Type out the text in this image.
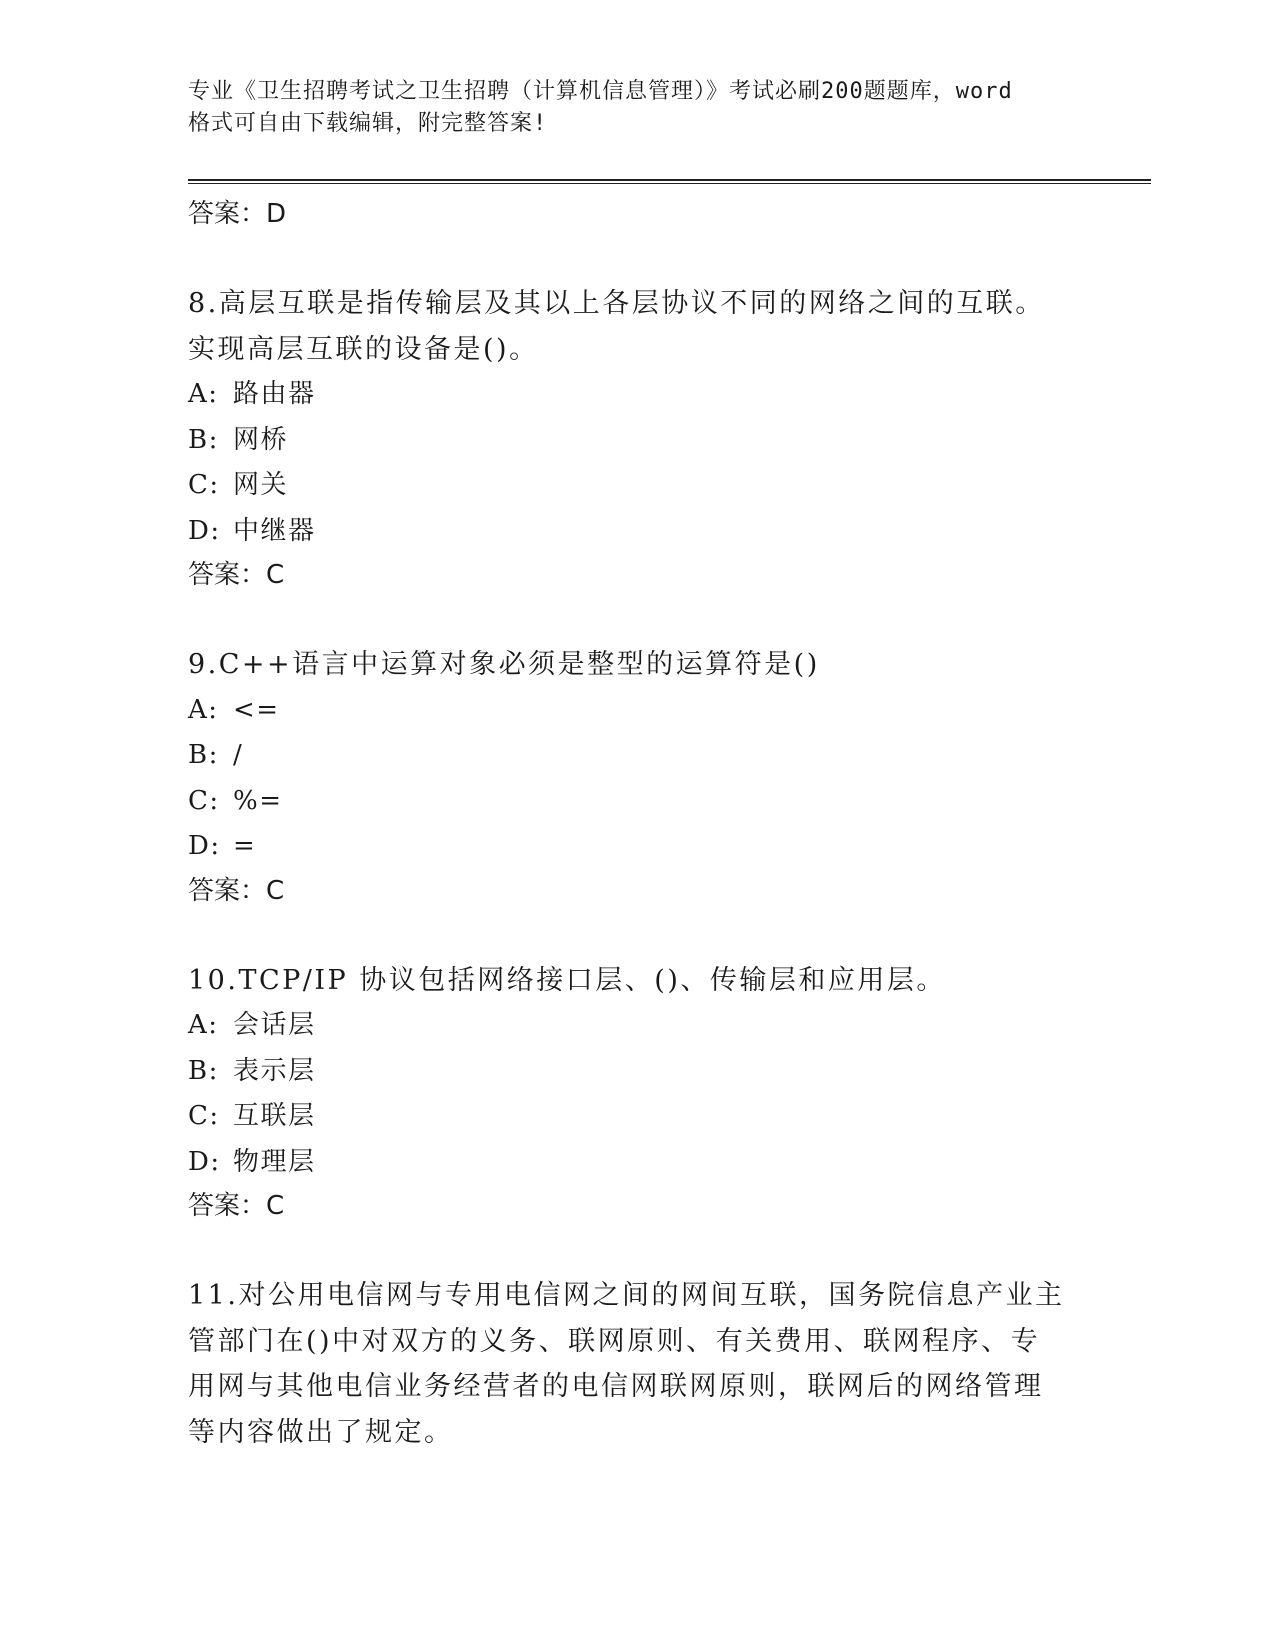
专业《卫生招聘考试之卫生招聘（计算机信息管理）》考试必刷200题题库，word
格式可自由下载编辑，附完整答案!
答案：D
8.高层互联是指传输层及其以上各层协议不同的网络之间的互联。实现高层互联的设备是()。
A: 路由器
B: 网桥
C: 网关
D: 中继器
答案：C
9.C++语言中运算对象必须是整型的运算符是()
A: <=
B: /
C: %=
D: =
答案：C
10.TCP/IP 协议包括网络接口层、()、传输层和应用层。
A: 会话层
B: 表示层
C: 互联层
D: 物理层
答案：C
11.对公用电信网与专用电信网之间的网间互联，国务院信息产业主管部门在()中对双方的义务、联网原则、有关费用、联网程序、专用网与其他电信业务经营者的电信网联网原则，联网后的网络管理等内容做出了规定。
